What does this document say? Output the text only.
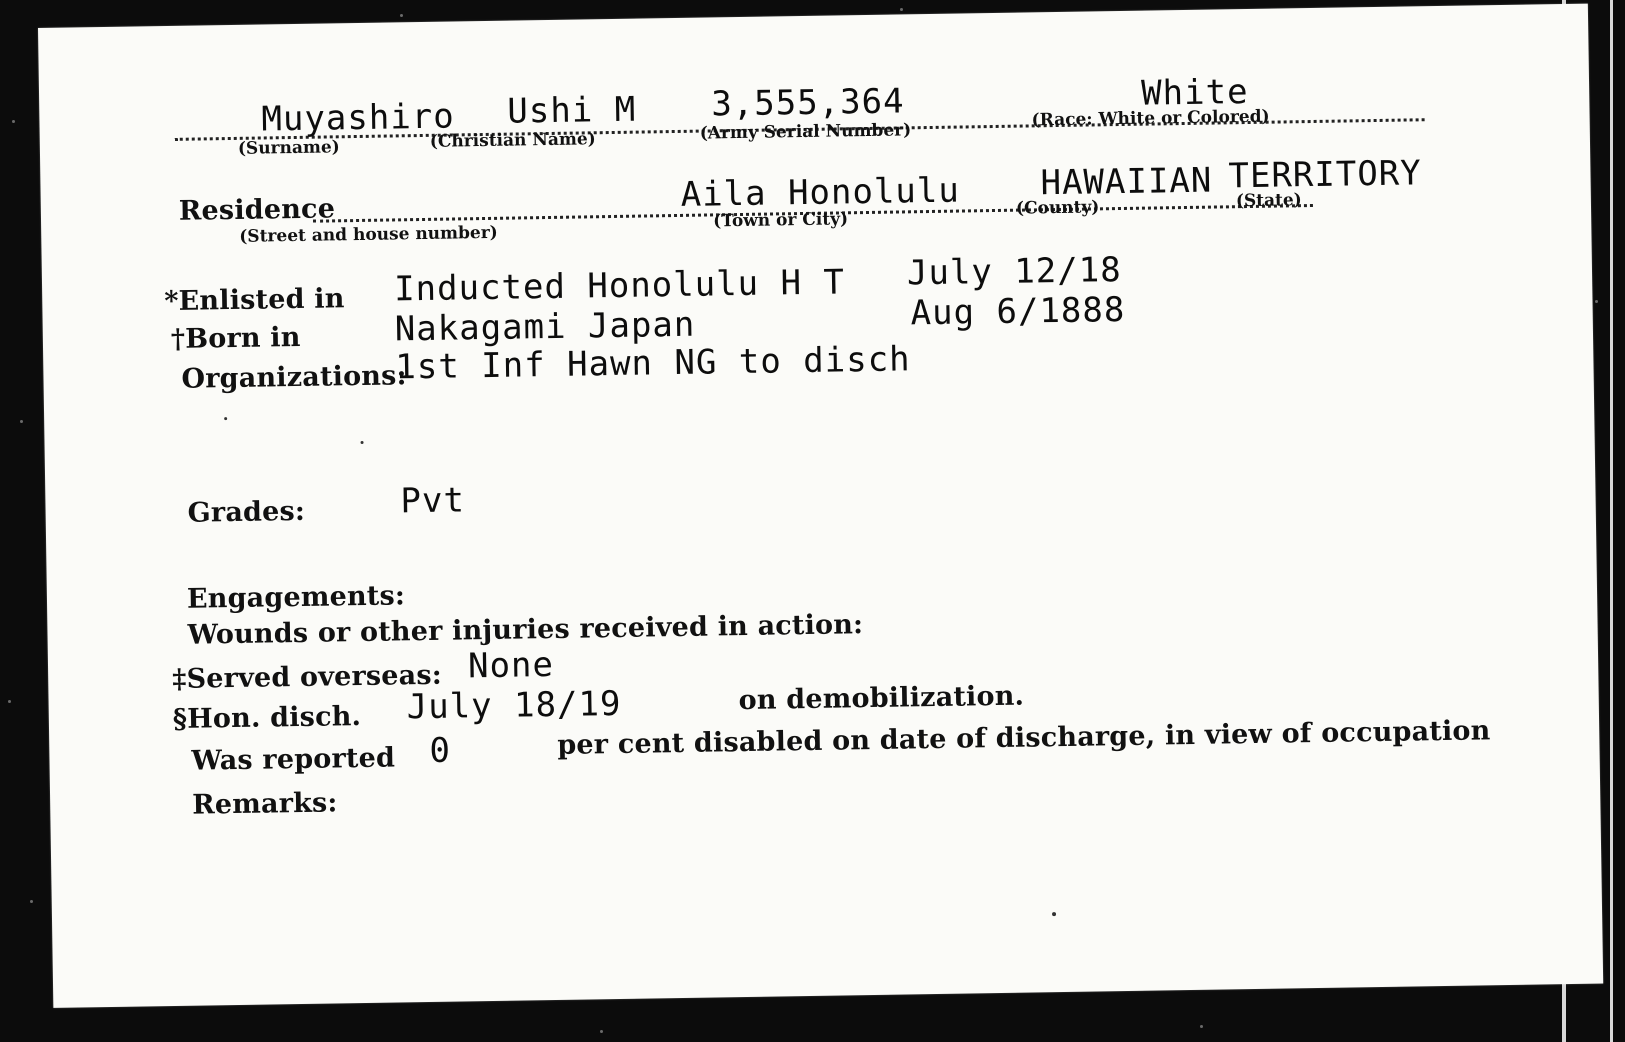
Muyashiro
(Surname)
Ushi M
(Christian Name)
3,555,364
(Army Serial Number)
White
(Race: White or Colored)
Residence
(Street and house number)
Aila Honolulu
(Town or City)
HAWAIIAN
(County)
TERRITORY
(State)
*Enlisted in Inducted Honolulu H T July 12/18
†Born in	Nakagami Japan	Aug 6/1888
Organizations:
1st Inf Hawn NG to disch
Grades:	Pvt
Engagements:
Wounds or other injuries received in action:
‡Served overseas: None
§Hon. disch. July 18/19	on demobilization.
Was reported 0	per cent disabled on date of discharge, in view of occupation
Remarks:
